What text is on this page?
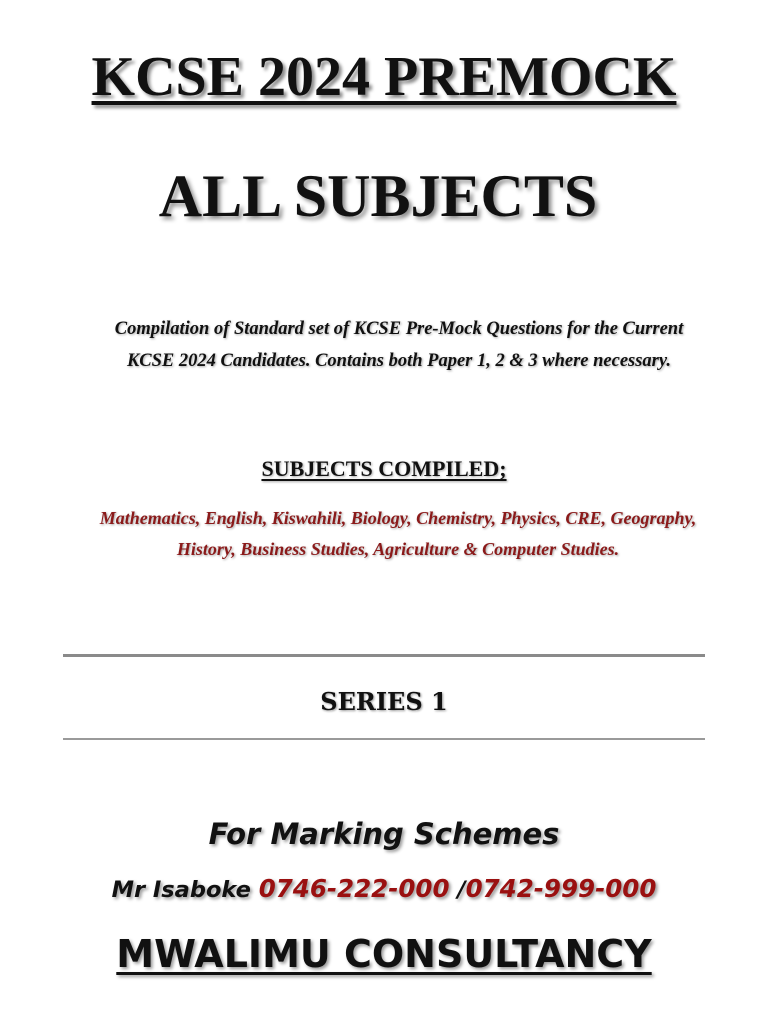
KCSE 2024 PREMOCK
ALL SUBJECTS
Compilation of Standard set of KCSE Pre-Mock Questions for the Current KCSE 2024 Candidates. Contains both Paper 1, 2 & 3 where necessary.
SUBJECTS COMPILED;
Mathematics, English, Kiswahili, Biology, Chemistry, Physics, CRE, Geography, History, Business Studies, Agriculture & Computer Studies.
SERIES 1
For Marking Schemes
Mr Isaboke 0746-222-000 /0742-999-000
MWALIMU CONSULTANCY
